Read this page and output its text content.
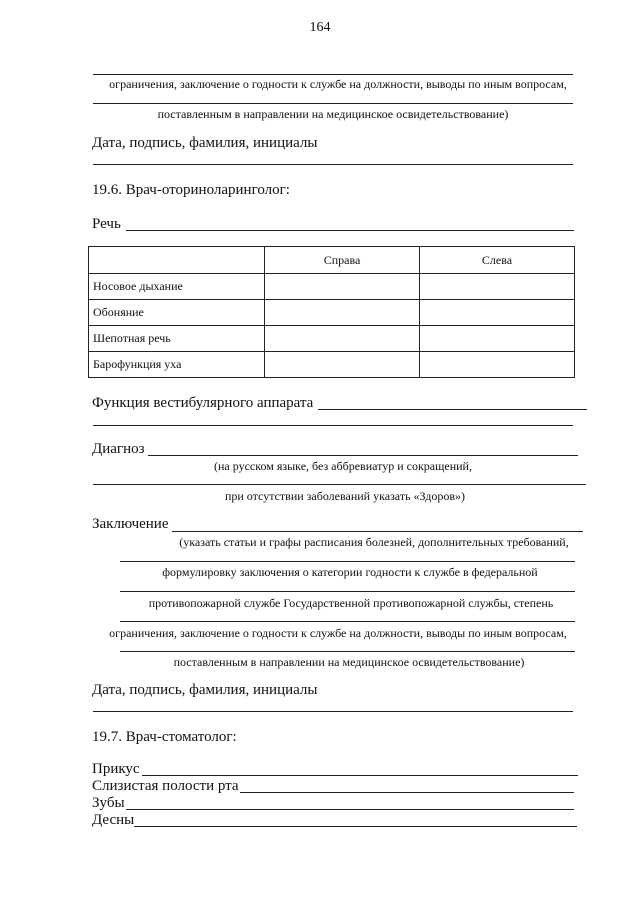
164
ограничения, заключение о годности к службе на должности, выводы по иным вопросам,
поставленным в направлении на медицинское освидетельствование)
Дата, подпись, фамилия, инициалы
19.6. Врач-оториноларинголог:
Речь
	Справа	Слева
Носовое дыхание		
Обоняние		
Шепотная речь		
Барофункция уха		
Функция вестибулярного аппарата
Диагноз
(на русском языке, без аббревиатур и сокращений,
при отсутствии заболеваний указать «Здоров»)
Заключение
(указать статьи и графы расписания болезней, дополнительных требований,
формулировку заключения о категории годности к службе в федеральной
противопожарной службе Государственной противопожарной службы, степень
ограничения, заключение о годности к службе на должности, выводы по иным вопросам,
поставленным в направлении на медицинское освидетельствование)
Дата, подпись, фамилия, инициалы
19.7. Врач-стоматолог:
Прикус
Слизистая полости рта
Зубы
Десны
